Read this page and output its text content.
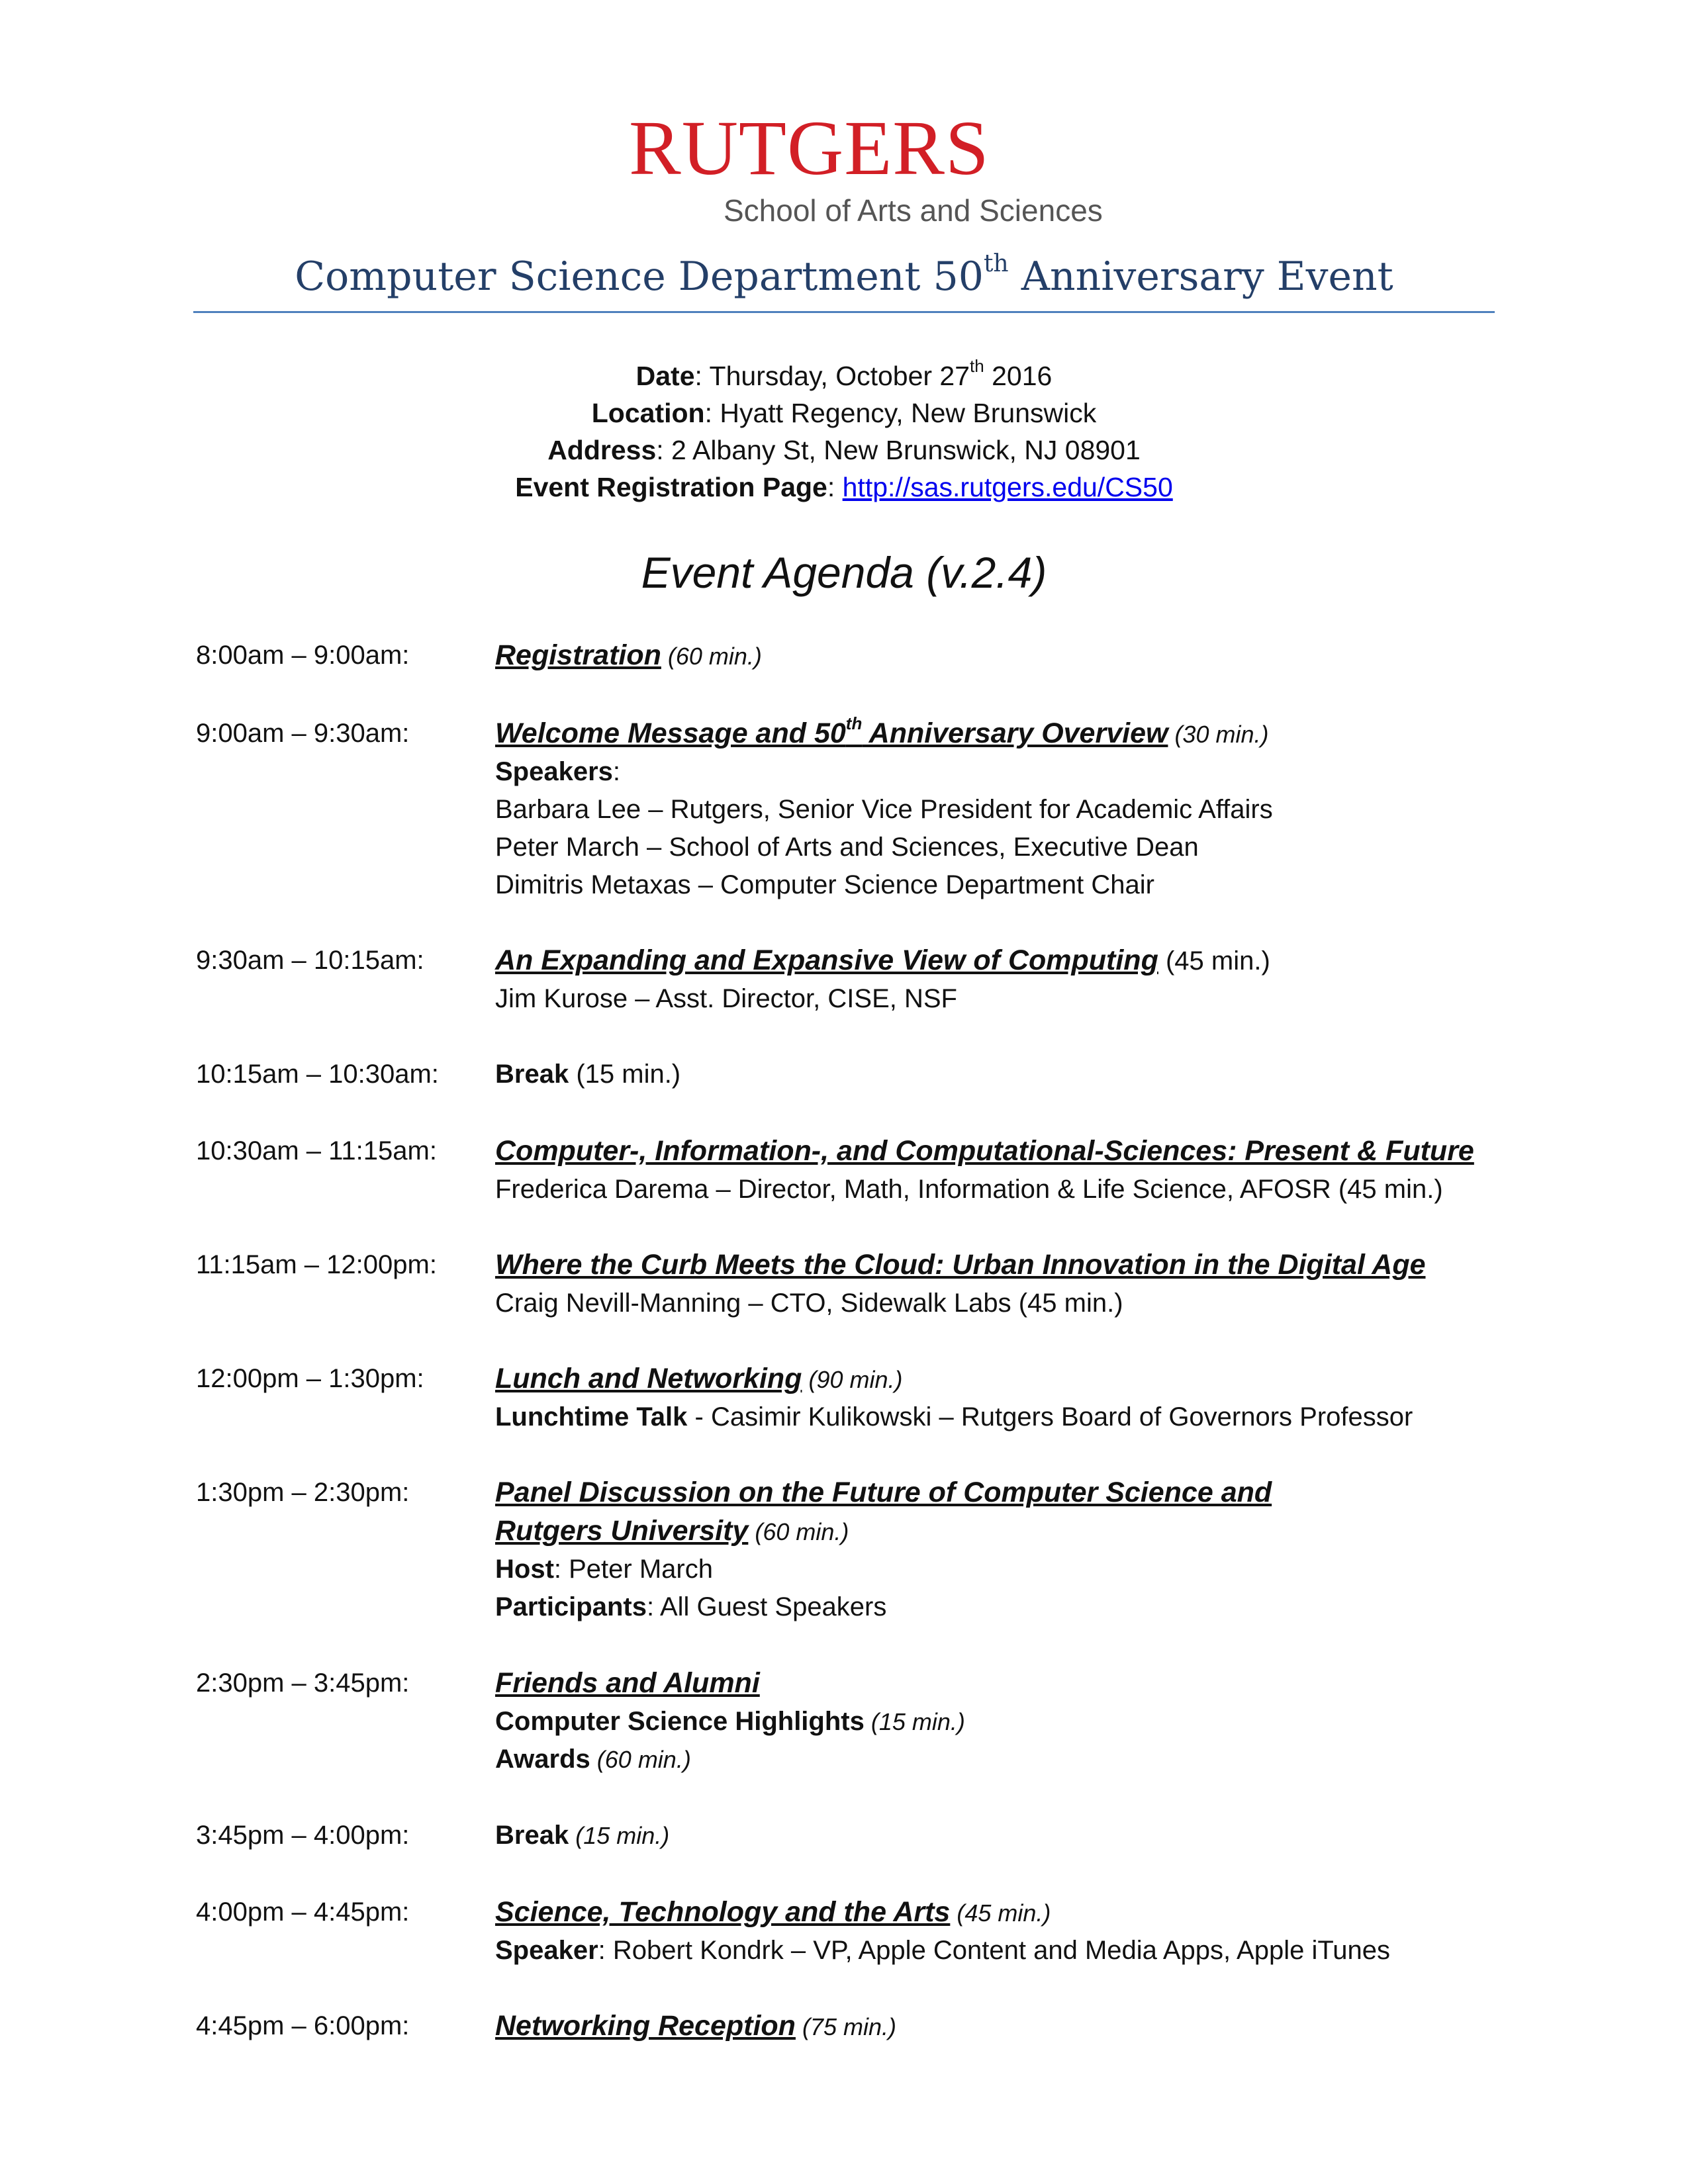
RUTGERS
School of Arts and Sciences
Computer Science Department 50th Anniversary Event
Date: Thursday, October 27th 2016
Location: Hyatt Regency, New Brunswick
Address: 2 Albany St, New Brunswick, NJ 08901
Event Registration Page: http://sas.rutgers.edu/CS50
Event Agenda (v.2.4)
8:00am – 9:00am:	Registration (60 min.)
9:00am – 9:30am:	Welcome Message and 50th Anniversary Overview (30 min.)
Speakers:
Barbara Lee – Rutgers, Senior Vice President for Academic Affairs
Peter March – School of Arts and Sciences, Executive Dean
Dimitris Metaxas – Computer Science Department Chair
9:30am – 10:15am: An Expanding and Expansive View of Computing (45 min.)
Jim Kurose – Asst. Director, CISE, NSF
10:15am – 10:30am: Break (15 min.)
10:30am – 11:15am: Computer-, Information-, and Computational-Sciences: Present & Future
Frederica Darema – Director, Math, Information & Life Science, AFOSR (45 min.)
11:15am – 12:00pm: Where the Curb Meets the Cloud: Urban Innovation in the Digital Age
Craig Nevill-Manning – CTO, Sidewalk Labs (45 min.)
12:00pm – 1:30pm: Lunch and Networking (90 min.)
Lunchtime Talk - Casimir Kulikowski – Rutgers Board of Governors Professor
1:30pm – 2:30pm:	Panel Discussion on the Future of Computer Science and
Rutgers University (60 min.)
Host: Peter March
Participants: All Guest Speakers
2:30pm – 3:45pm:	Friends and Alumni
Computer Science Highlights (15 min.)
Awards (60 min.)
3:45pm – 4:00pm:	Break (15 min.)
4:00pm – 4:45pm:	Science, Technology and the Arts (45 min.)
Speaker: Robert Kondrk – VP, Apple Content and Media Apps, Apple iTunes
4:45pm – 6:00pm:	Networking Reception (75 min.)
